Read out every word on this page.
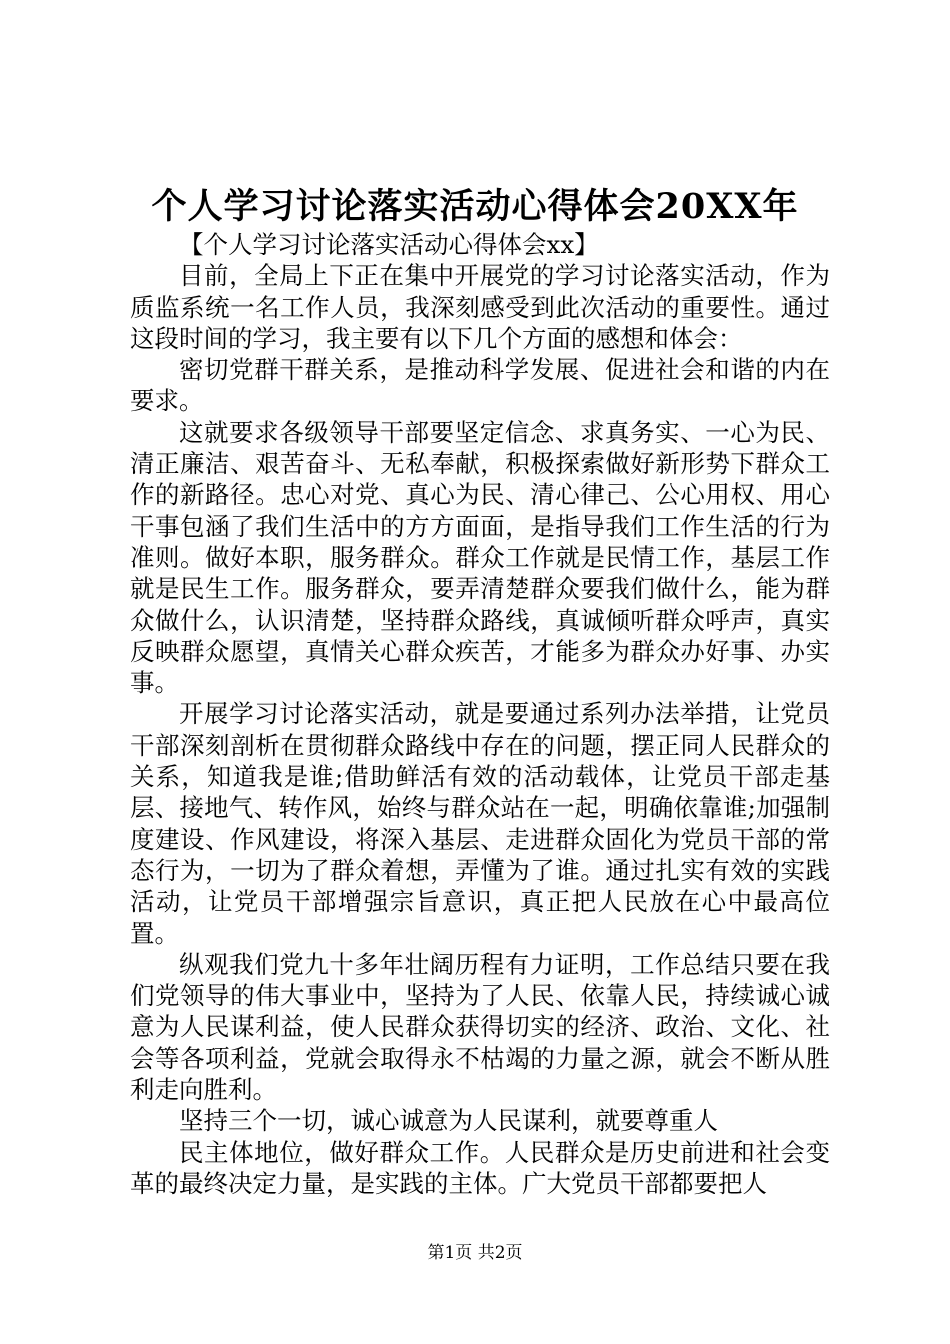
个人学习讨论落实活动心得体会20XX年

【个人学习讨论落实活动心得体会xx】

目前，全局上下正在集中开展党的学习讨论落实活动，作为质监系统一名工作人员，我深刻感受到此次活动的重要性。通过这段时间的学习，我主要有以下几个方面的感想和体会：

密切党群干群关系，是推动科学发展、促进社会和谐的内在要求。

这就要求各级领导干部要坚定信念、求真务实、一心为民、清正廉洁、艰苦奋斗、无私奉献，积极探索做好新形势下群众工作的新路径。忠心对党、真心为民、清心律己、公心用权、用心干事包涵了我们生活中的方方面面，是指导我们工作生活的行为准则。做好本职，服务群众。群众工作就是民情工作，基层工作就是民生工作。服务群众，要弄清楚群众要我们做什么，能为群众做什么，认识清楚，坚持群众路线，真诚倾听群众呼声，真实反映群众愿望，真情关心群众疾苦，才能多为群众办好事、办实事。

开展学习讨论落实活动，就是要通过系列办法举措，让党员干部深刻剖析在贯彻群众路线中存在的问题，摆正同人民群众的关系，知道我是谁;借助鲜活有效的活动载体，让党员干部走基层、接地气、转作风，始终与群众站在一起，明确依靠谁;加强制度建设、作风建设，将深入基层、走进群众固化为党员干部的常态行为，一切为了群众着想，弄懂为了谁。通过扎实有效的实践活动，让党员干部增强宗旨意识，真正把人民放在心中最高位置。

纵观我们党九十多年壮阔历程有力证明，工作总结只要在我们党领导的伟大事业中，坚持为了人民、依靠人民，持续诚心诚意为人民谋利益，使人民群众获得切实的经济、政治、文化、社会等各项利益，党就会取得永不枯竭的力量之源，就会不断从胜利走向胜利。

坚持三个一切，诚心诚意为人民谋利，就要尊重人

民主体地位，做好群众工作。人民群众是历史前进和社会变革的最终决定力量，是实践的主体。广大党员干部都要把人

第1页 共2页
